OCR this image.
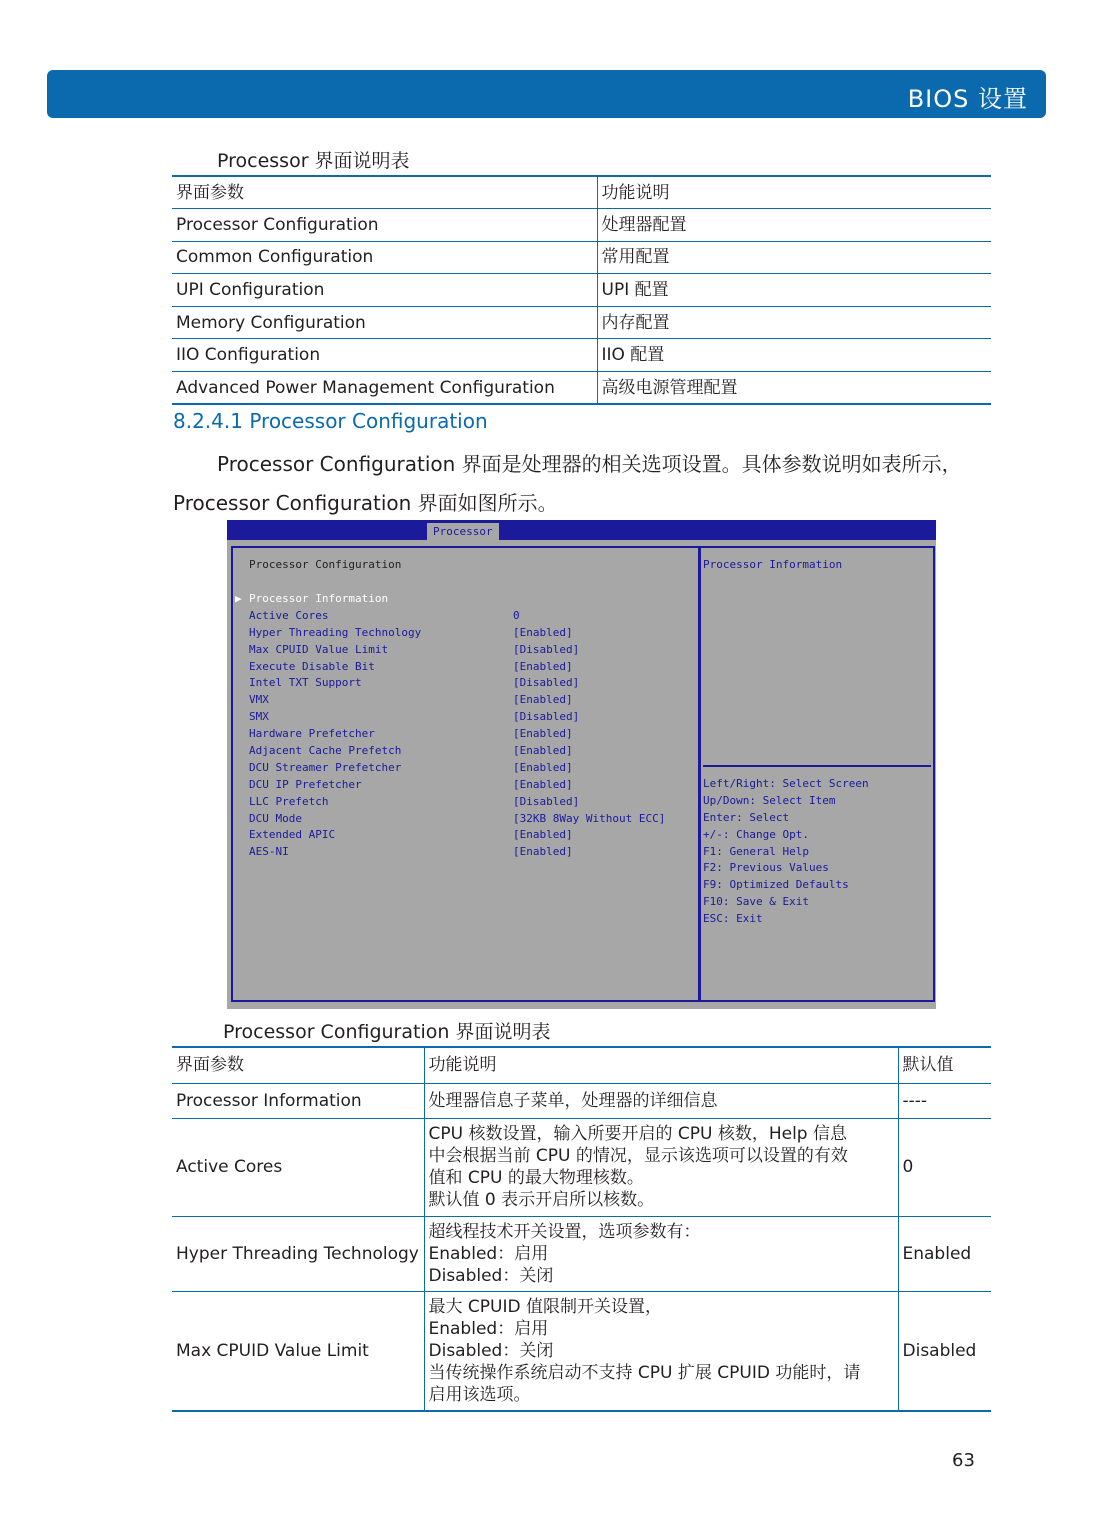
BIOS 设置
Processor 界面说明表
界面参数	功能说明
Processor Configuration	处理器配置
Common Configuration	常用配置
UPI Configuration	UPI 配置
Memory Configuration	内存配置
IIO Configuration	IIO 配置
Advanced Power Management Configuration	高级电源管理配置
8.2.4.1 Processor Configuration
Processor Configuration 界面是处理器的相关选项设置。具体参数说明如表所示，
Processor Configuration 界面如图所示。
Processor
Processor Configuration
▶ Processor Information
Active Cores	0
Hyper Threading Technology	[Enabled]
Max CPUID Value Limit	[Disabled]
Execute Disable Bit	[Enabled]
Intel TXT Support	[Disabled]
VMX	[Enabled]
SMX	[Disabled]
Hardware Prefetcher	[Enabled]
Adjacent Cache Prefetch	[Enabled]
DCU Streamer Prefetcher	[Enabled]
DCU IP Prefetcher	[Enabled]
LLC Prefetch	[Disabled]
DCU Mode	[32KB 8Way Without ECC]
Extended APIC	[Enabled]
AES-NI	[Enabled]
Processor Information
Left/Right: Select Screen
Up/Down: Select Item
Enter: Select
+/-: Change Opt.
F1: General Help
F2: Previous Values
F9: Optimized Defaults
F10: Save & Exit
ESC: Exit
Processor Configuration 界面说明表
界面参数	功能说明	默认值
Processor Information	处理器信息子菜单，处理器的详细信息	----
Active Cores	CPU 核数设置，输入所要开启的 CPU 核数，Help 信息
中会根据当前 CPU 的情况，显示该选项可以设置的有效
值和 CPU 的最大物理核数。
默认值 0 表示开启所以核数。	0
Hyper Threading Technology	超线程技术开关设置，选项参数有：
Enabled：启用
Disabled：关闭	Enabled
Max CPUID Value Limit	最大 CPUID 值限制开关设置，
Enabled：启用
Disabled：关闭
当传统操作系统启动不支持 CPU 扩展 CPUID 功能时，请
启用该选项。	Disabled
63
